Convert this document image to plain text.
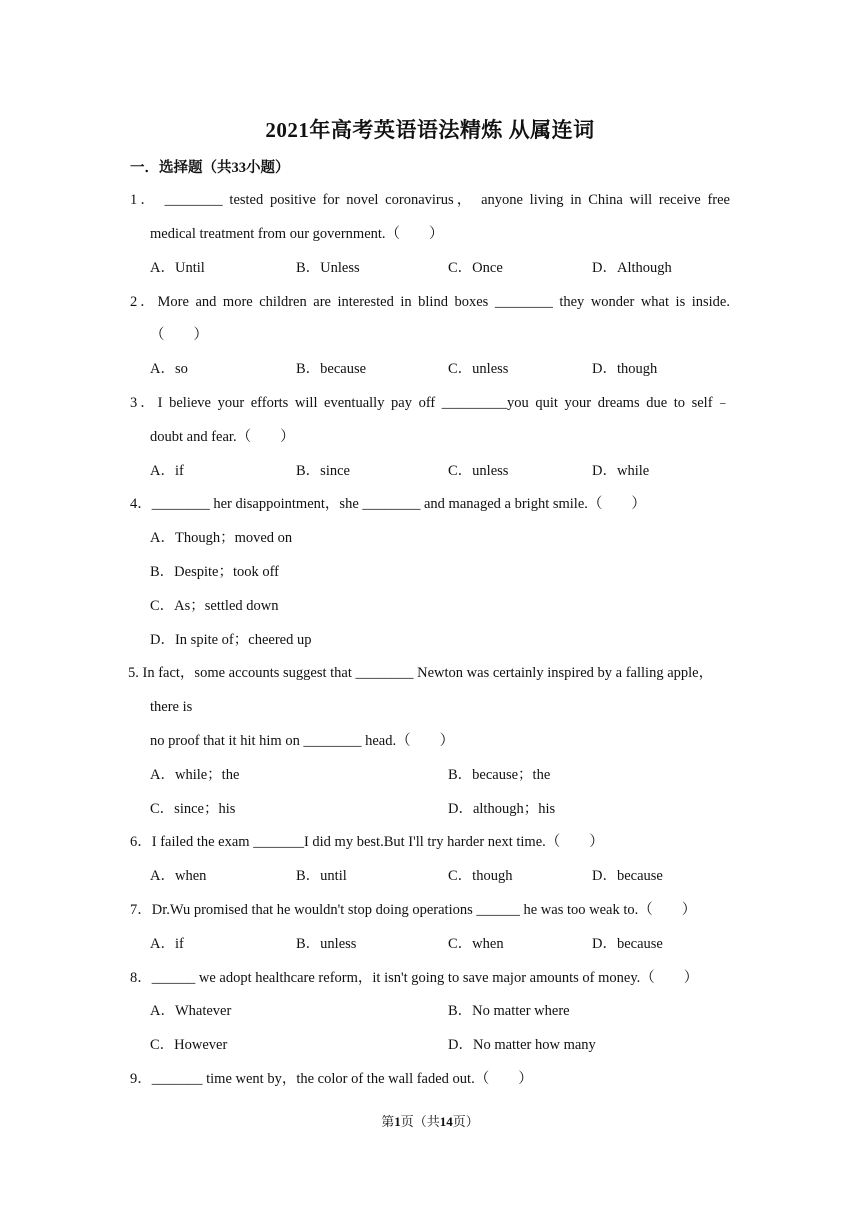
2021年高考英语语法精炼 从属连词
一．选择题（共33小题）
1． ________ tested positive for novel coronavirus， anyone living in China will receive free
medical treatment from our government.（　　）
A．Until	B．Unless	C．Once	D．Although
2．More and more children are interested in blind boxes ________ they wonder what is inside.
（　　）
A．so	B．because	C．unless	D．though
3．I believe your efforts will eventually pay off _________you quit your dreams due to self﹣
doubt and fear.（　　）
A．if	B．since	C．unless	D．while
4．________ her disappointment，she ________ and managed a bright smile.（　　）
A．Though；moved on
B．Despite；took off
C．As；settled down
D．In spite of；cheered up
5. In fact，some accounts suggest that ________ Newton was certainly inspired by a falling apple，
there is
no proof that it hit him on ________ head.（　　）
A．while；the	B．because；the
C．since；his	D．although；his
6．I failed the exam _______I did my best.But I'll try harder next time.（　　）
A．when	B．until	C．though	D．because
7．Dr.Wu promised that he wouldn't stop doing operations ______ he was too weak to.（　　）
A．if	B．unless	C．when	D．because
8．______ we adopt healthcare reform，it isn't going to save major amounts of money.（　　）
A．Whatever	B．No matter where
C．However	D．No matter how many
9．_______ time went by，the color of the wall faded out.（　　）
第1页（共14页）
